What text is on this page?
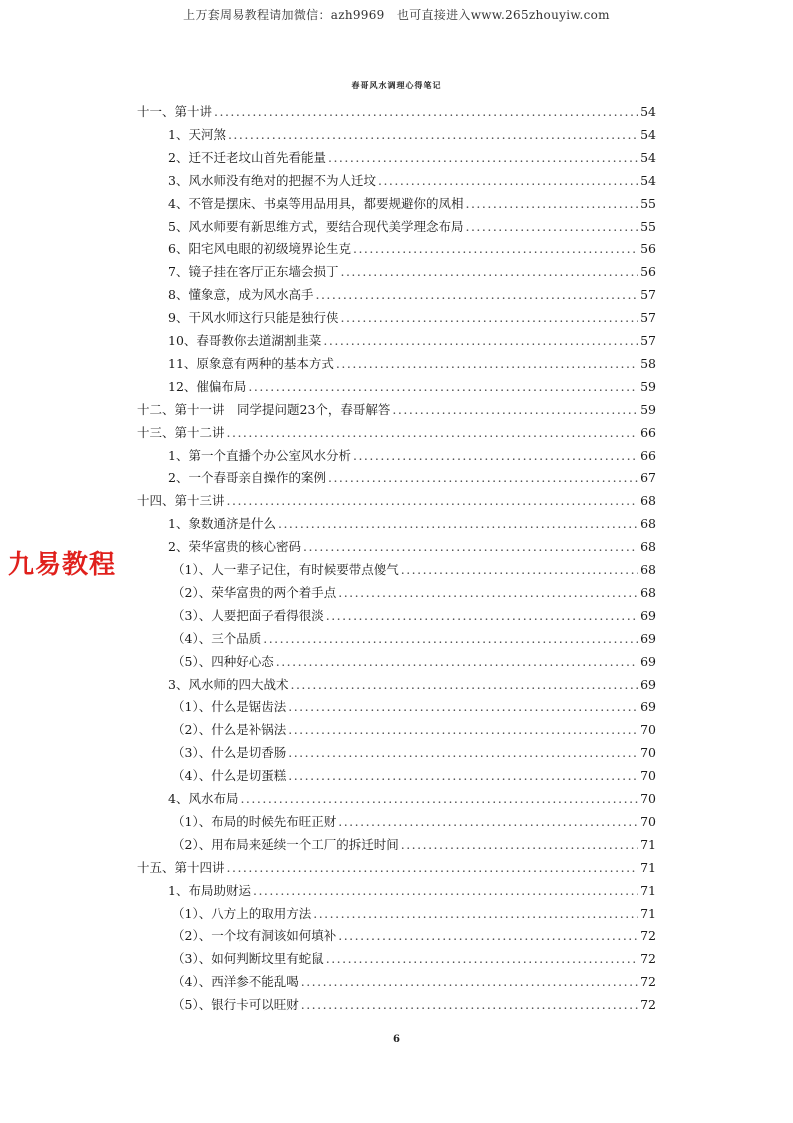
上万套周易教程请加微信：azh9969　也可直接进入www.265zhouyiw.com
春哥风水调理心得笔记
十一、第十讲 .....	54
1、天河煞 .....	54
2、迁不迁老坟山首先看能量 .....	54
3、风水师没有绝对的把握不为人迁坟 .....	54
4、不管是摆床、书桌等用品用具，都要规避你的凤相 .....	55
5、风水师要有新思维方式，要结合现代美学理念布局 .....	55
6、阳宅风电眼的初级境界论生克 .....	56
7、镜子挂在客厅正东墙会损丁 .....	56
8、懂象意，成为风水高手 .....	57
9、干风水师这行只能是独行侠 .....	57
10、春哥教你去道湖割韭菜 .....	57
11、原象意有两种的基本方式 .....	58
12、催偏布局 .....	59
十二、第十一讲　同学提问题23个，春哥解答 .....	59
十三、第十二讲 .....	66
1、第一个直播个办公室风水分析 .....	66
2、一个春哥亲自操作的案例 .....	67
十四、第十三讲 .....	68
1、象数通济是什么 .....	68
2、荣华富贵的核心密码 .....	68
（1）、人一辈子记住，有时候要带点傻气 .....	68
（2）、荣华富贵的两个着手点 .....	68
（3）、人要把面子看得很淡 .....	69
（4）、三个品质 .....	69
（5）、四种好心态 .....	69
3、风水师的四大战术 .....	69
（1）、什么是锯齿法 .....	69
（2）、什么是补锅法 .....	70
（3）、什么是切香肠 .....	70
（4）、什么是切蛋糕 .....	70
4、风水布局 .....	70
（1）、布局的时候先布旺正财 .....	70
（2）、用布局来延续一个工厂的拆迁时间 .....	71
十五、第十四讲 .....	71
1、布局助财运 .....	71
（1）、八方上的取用方法 .....	71
（2）、一个坟有洞该如何填补 .....	72
（3）、如何判断坟里有蛇鼠 .....	72
（4）、西洋参不能乱喝 .....	72
（5）、银行卡可以旺财 .....	72
九易教程
6
